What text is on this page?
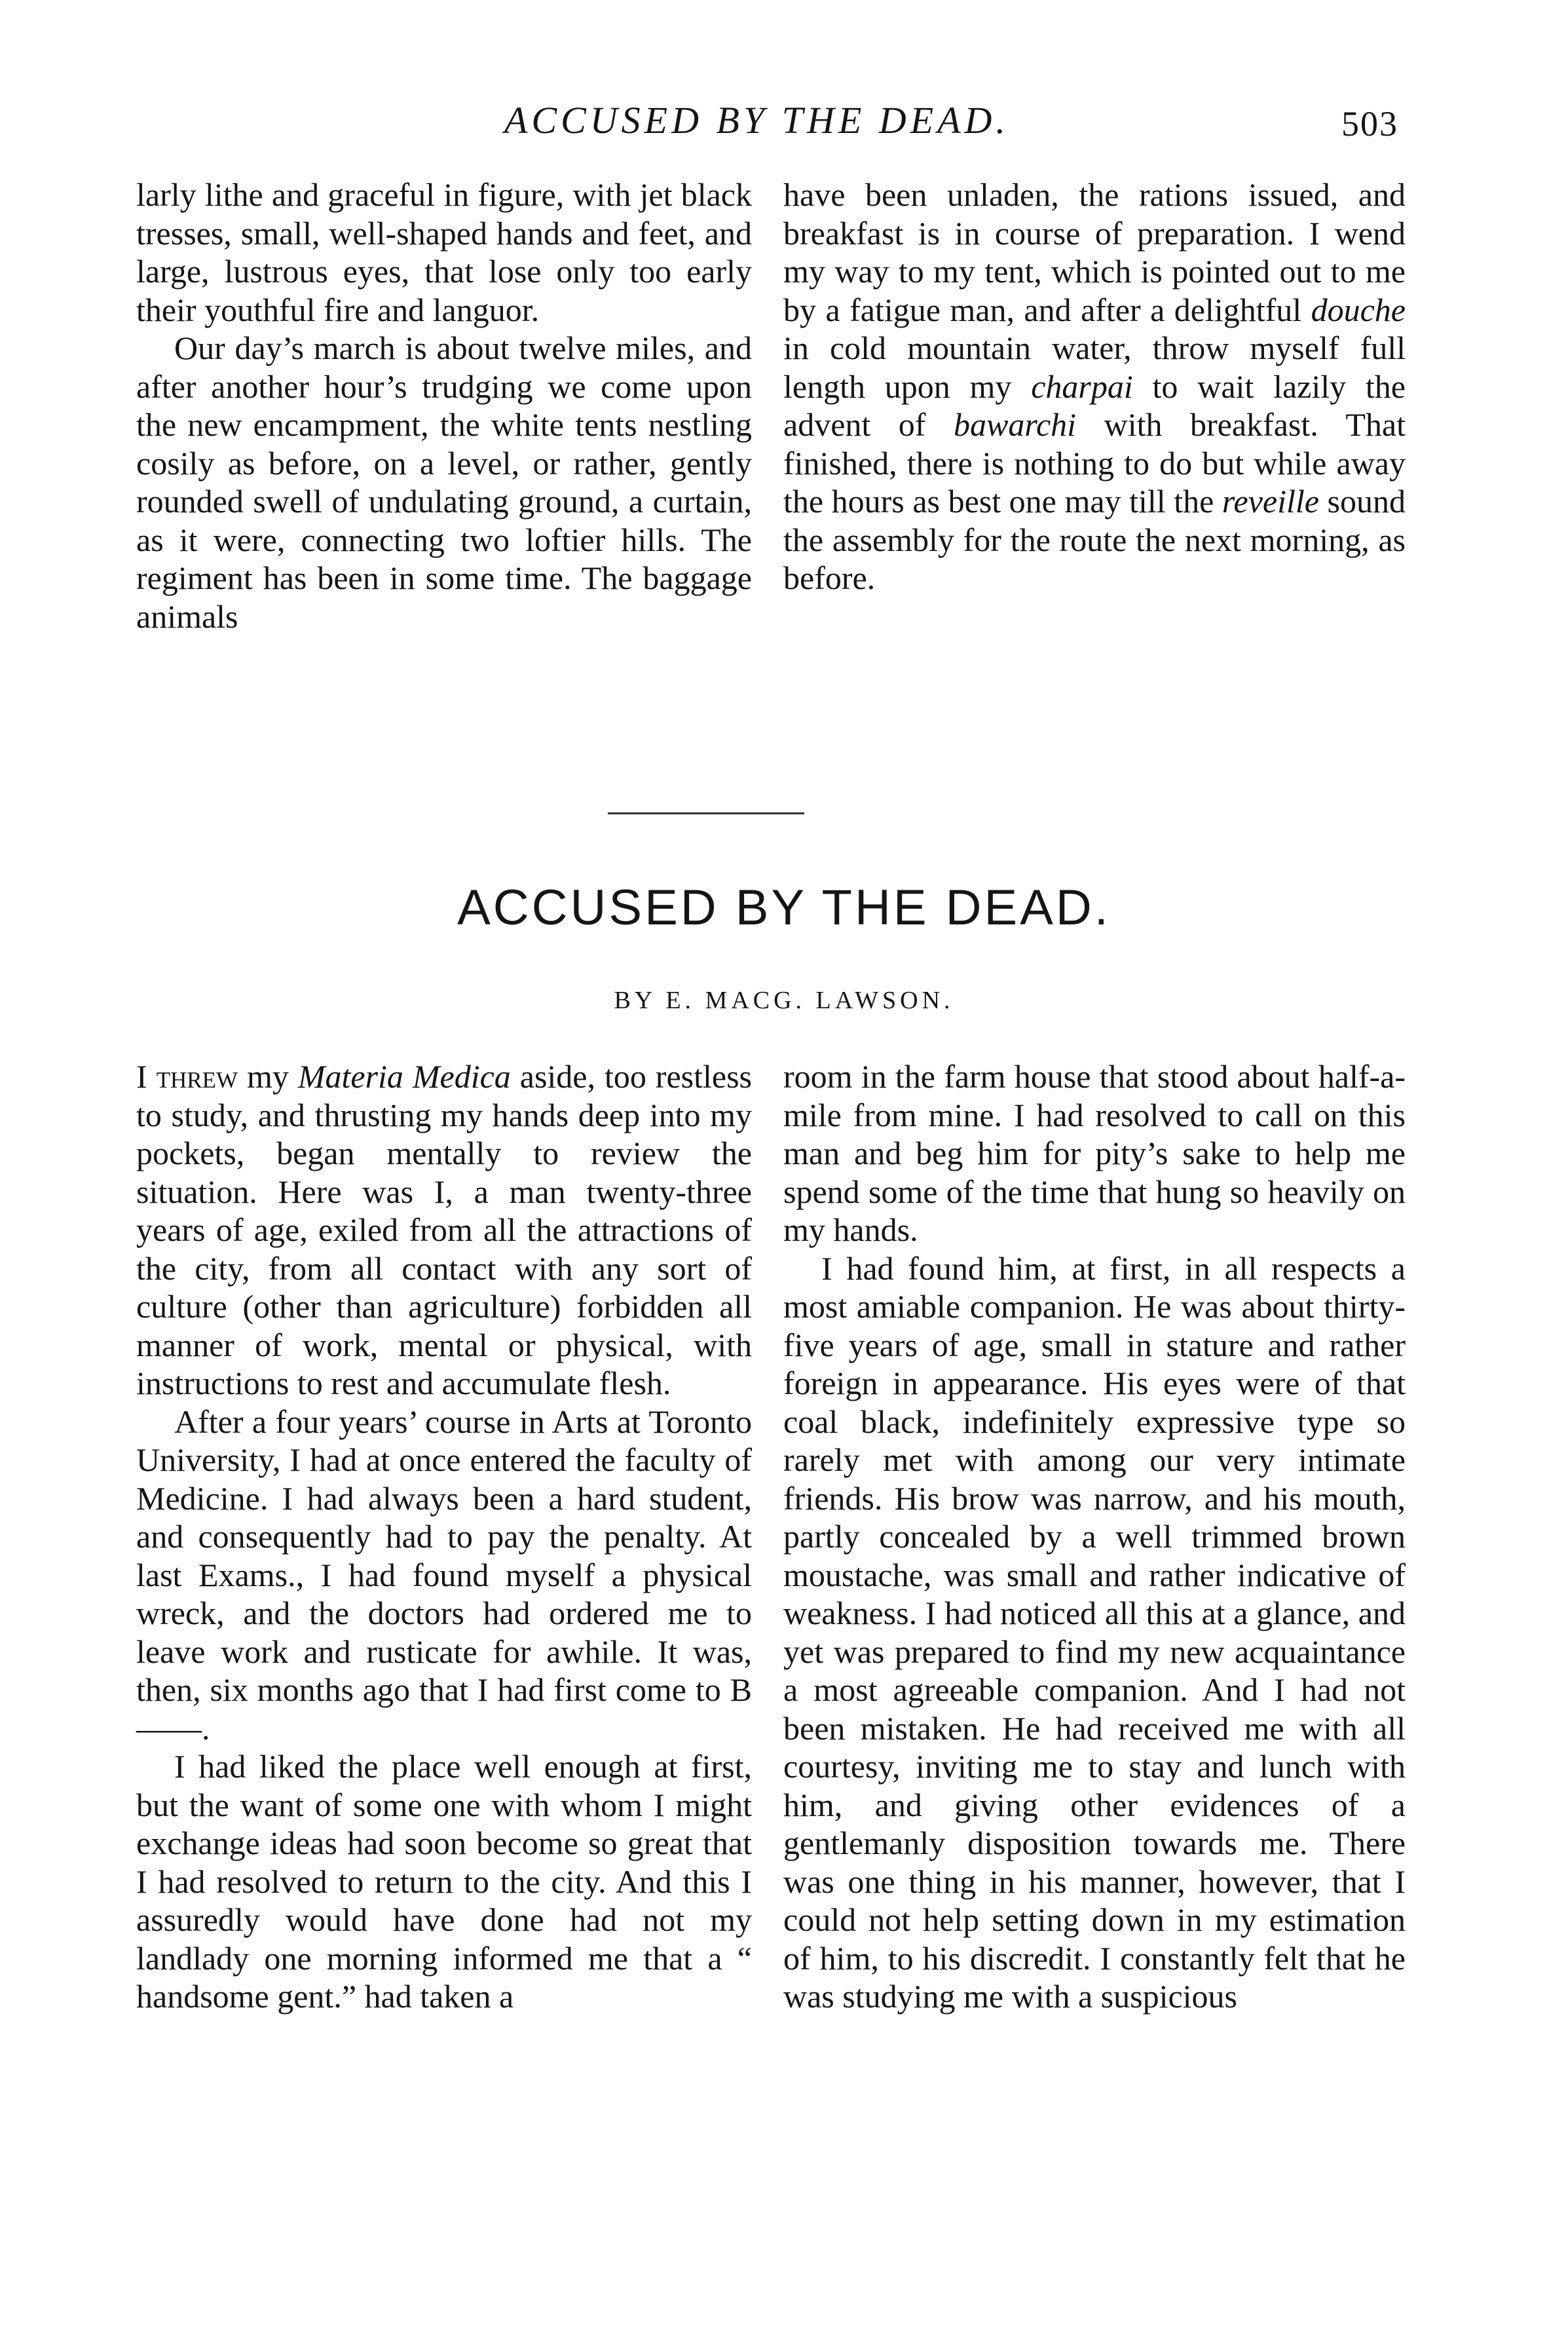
ACCUSED BY THE DEAD.	503

larly lithe and graceful in figure, with jet black tresses, small, well-shaped hands and feet, and large, lustrous eyes, that lose only too early their youthful fire and languor.

Our day’s march is about twelve miles, and after another hour’s trudging we come upon the new encampment, the white tents nestling cosily as before, on a level, or rather, gently rounded swell of undulating ground, a curtain, as it were, connecting two loftier hills. The regiment has been in some time. The baggage animals

have been unladen, the rations issued, and breakfast is in course of preparation. I wend my way to my tent, which is pointed out to me by a fatigue man, and after a delightful douche in cold mountain water, throw myself full length upon my charpai to wait lazily the advent of bawarchi with breakfast. That finished, there is nothing to do but while away the hours as best one may till the reveille sound the assembly for the route the next morning, as before.

ACCUSED BY THE DEAD.
BY E. MACG. LAWSON.

I threw my Materia Medica aside, too restless to study, and thrusting my hands deep into my pockets, began mentally to review the situation. Here was I, a man twenty-three years of age, exiled from all the attractions of the city, from all contact with any sort of culture (other than agriculture) forbidden all manner of work, mental or physical, with instructions to rest and accumulate flesh.

After a four years’ course in Arts at Toronto University, I had at once entered the faculty of Medicine. I had always been a hard student, and consequently had to pay the penalty. At last Exams., I had found myself a physical wreck, and the doctors had ordered me to leave work and rusticate for awhile. It was, then, six months ago that I had first come to B——.

I had liked the place well enough at first, but the want of some one with whom I might exchange ideas had soon become so great that I had resolved to return to the city. And this I assuredly would have done had not my landlady one morning informed me that a “ handsome gent.” had taken a

room in the farm house that stood about half-a-mile from mine. I had resolved to call on this man and beg him for pity’s sake to help me spend some of the time that hung so heavily on my hands.

I had found him, at first, in all respects a most amiable companion. He was about thirty-five years of age, small in stature and rather foreign in appearance. His eyes were of that coal black, indefinitely expressive type so rarely met with among our very intimate friends. His brow was narrow, and his mouth, partly concealed by a well trimmed brown moustache, was small and rather indicative of weakness. I had noticed all this at a glance, and yet was prepared to find my new acquaintance a most agreeable companion. And I had not been mistaken. He had received me with all courtesy, inviting me to stay and lunch with him, and giving other evidences of a gentlemanly disposition towards me. There was one thing in his manner, however, that I could not help setting down in my estimation of him, to his discredit. I constantly felt that he was studying me with a suspicious
